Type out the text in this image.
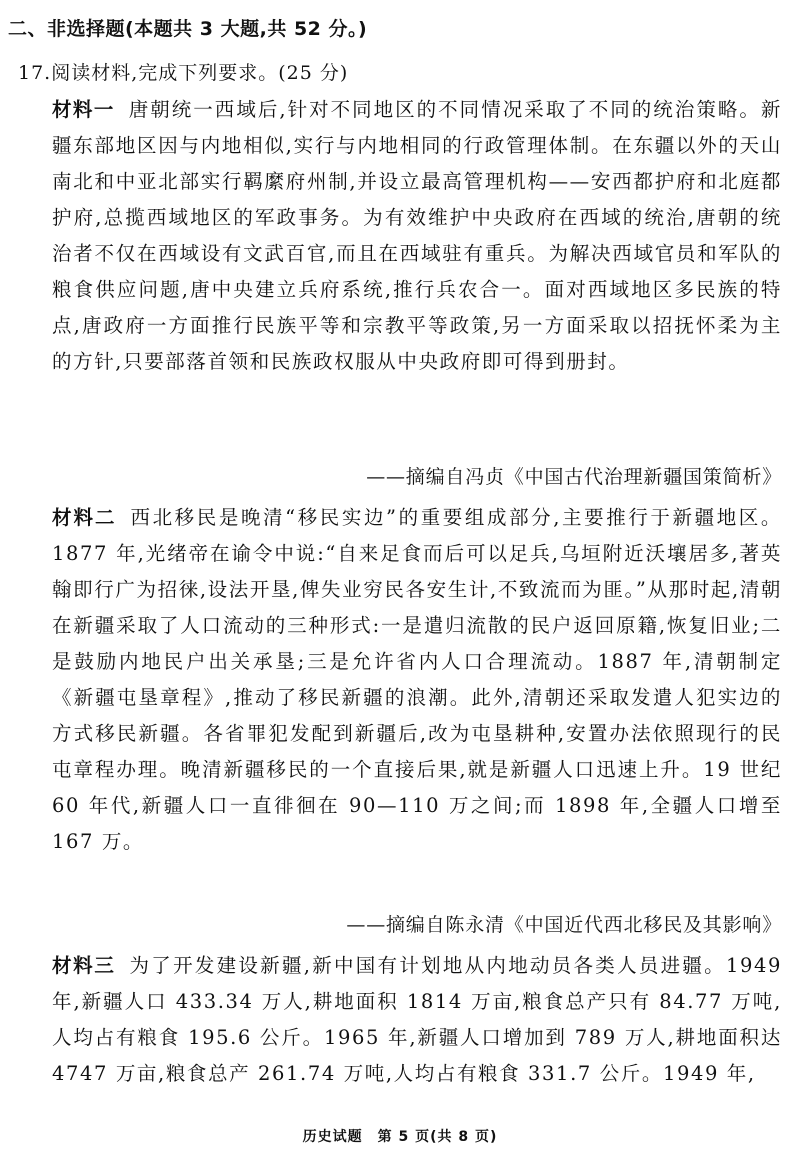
二、非选择题(本题共 3 大题,共 52 分。)
17.阅读材料,完成下列要求。(25 分)
材料一 唐朝统一西域后,针对不同地区的不同情况采取了不同的统治策略。新疆东部地区因与内地相似,实行与内地相同的行政管理体制。在东疆以外的天山南北和中亚北部实行羁縻府州制,并设立最高管理机构——安西都护府和北庭都护府,总揽西域地区的军政事务。为有效维护中央政府在西域的统治,唐朝的统治者不仅在西域设有文武百官,而且在西域驻有重兵。为解决西域官员和军队的粮食供应问题,唐中央建立兵府系统,推行兵农合一。面对西域地区多民族的特点,唐政府一方面推行民族平等和宗教平等政策,另一方面采取以招抚怀柔为主的方针,只要部落首领和民族政权服从中央政府即可得到册封。
——摘编自冯贞《中国古代治理新疆国策简析》
材料二 西北移民是晚清“移民实边”的重要组成部分,主要推行于新疆地区。1877 年,光绪帝在谕令中说:“自来足食而后可以足兵,乌垣附近沃壤居多,著英翰即行广为招徕,设法开垦,俾失业穷民各安生计,不致流而为匪。”从那时起,清朝在新疆采取了人口流动的三种形式:一是遣归流散的民户返回原籍,恢复旧业;二是鼓励内地民户出关承垦;三是允许省内人口合理流动。1887 年,清朝制定《新疆屯垦章程》,推动了移民新疆的浪潮。此外,清朝还采取发遣人犯实边的方式移民新疆。各省罪犯发配到新疆后,改为屯垦耕种,安置办法依照现行的民屯章程办理。晚清新疆移民的一个直接后果,就是新疆人口迅速上升。19 世纪 60 年代,新疆人口一直徘徊在 90—110 万之间;而 1898 年,全疆人口增至 167 万。
——摘编自陈永清《中国近代西北移民及其影响》
材料三 为了开发建设新疆,新中国有计划地从内地动员各类人员进疆。1949 年,新疆人口 433.34 万人,耕地面积 1814 万亩,粮食总产只有 84.77 万吨,人均占有粮食 195.6 公斤。1965 年,新疆人口增加到 789 万人,耕地面积达 4747 万亩,粮食总产 261.74 万吨,人均占有粮食 331.7 公斤。1949 年,
历史试题　第 5 页(共 8 页)
